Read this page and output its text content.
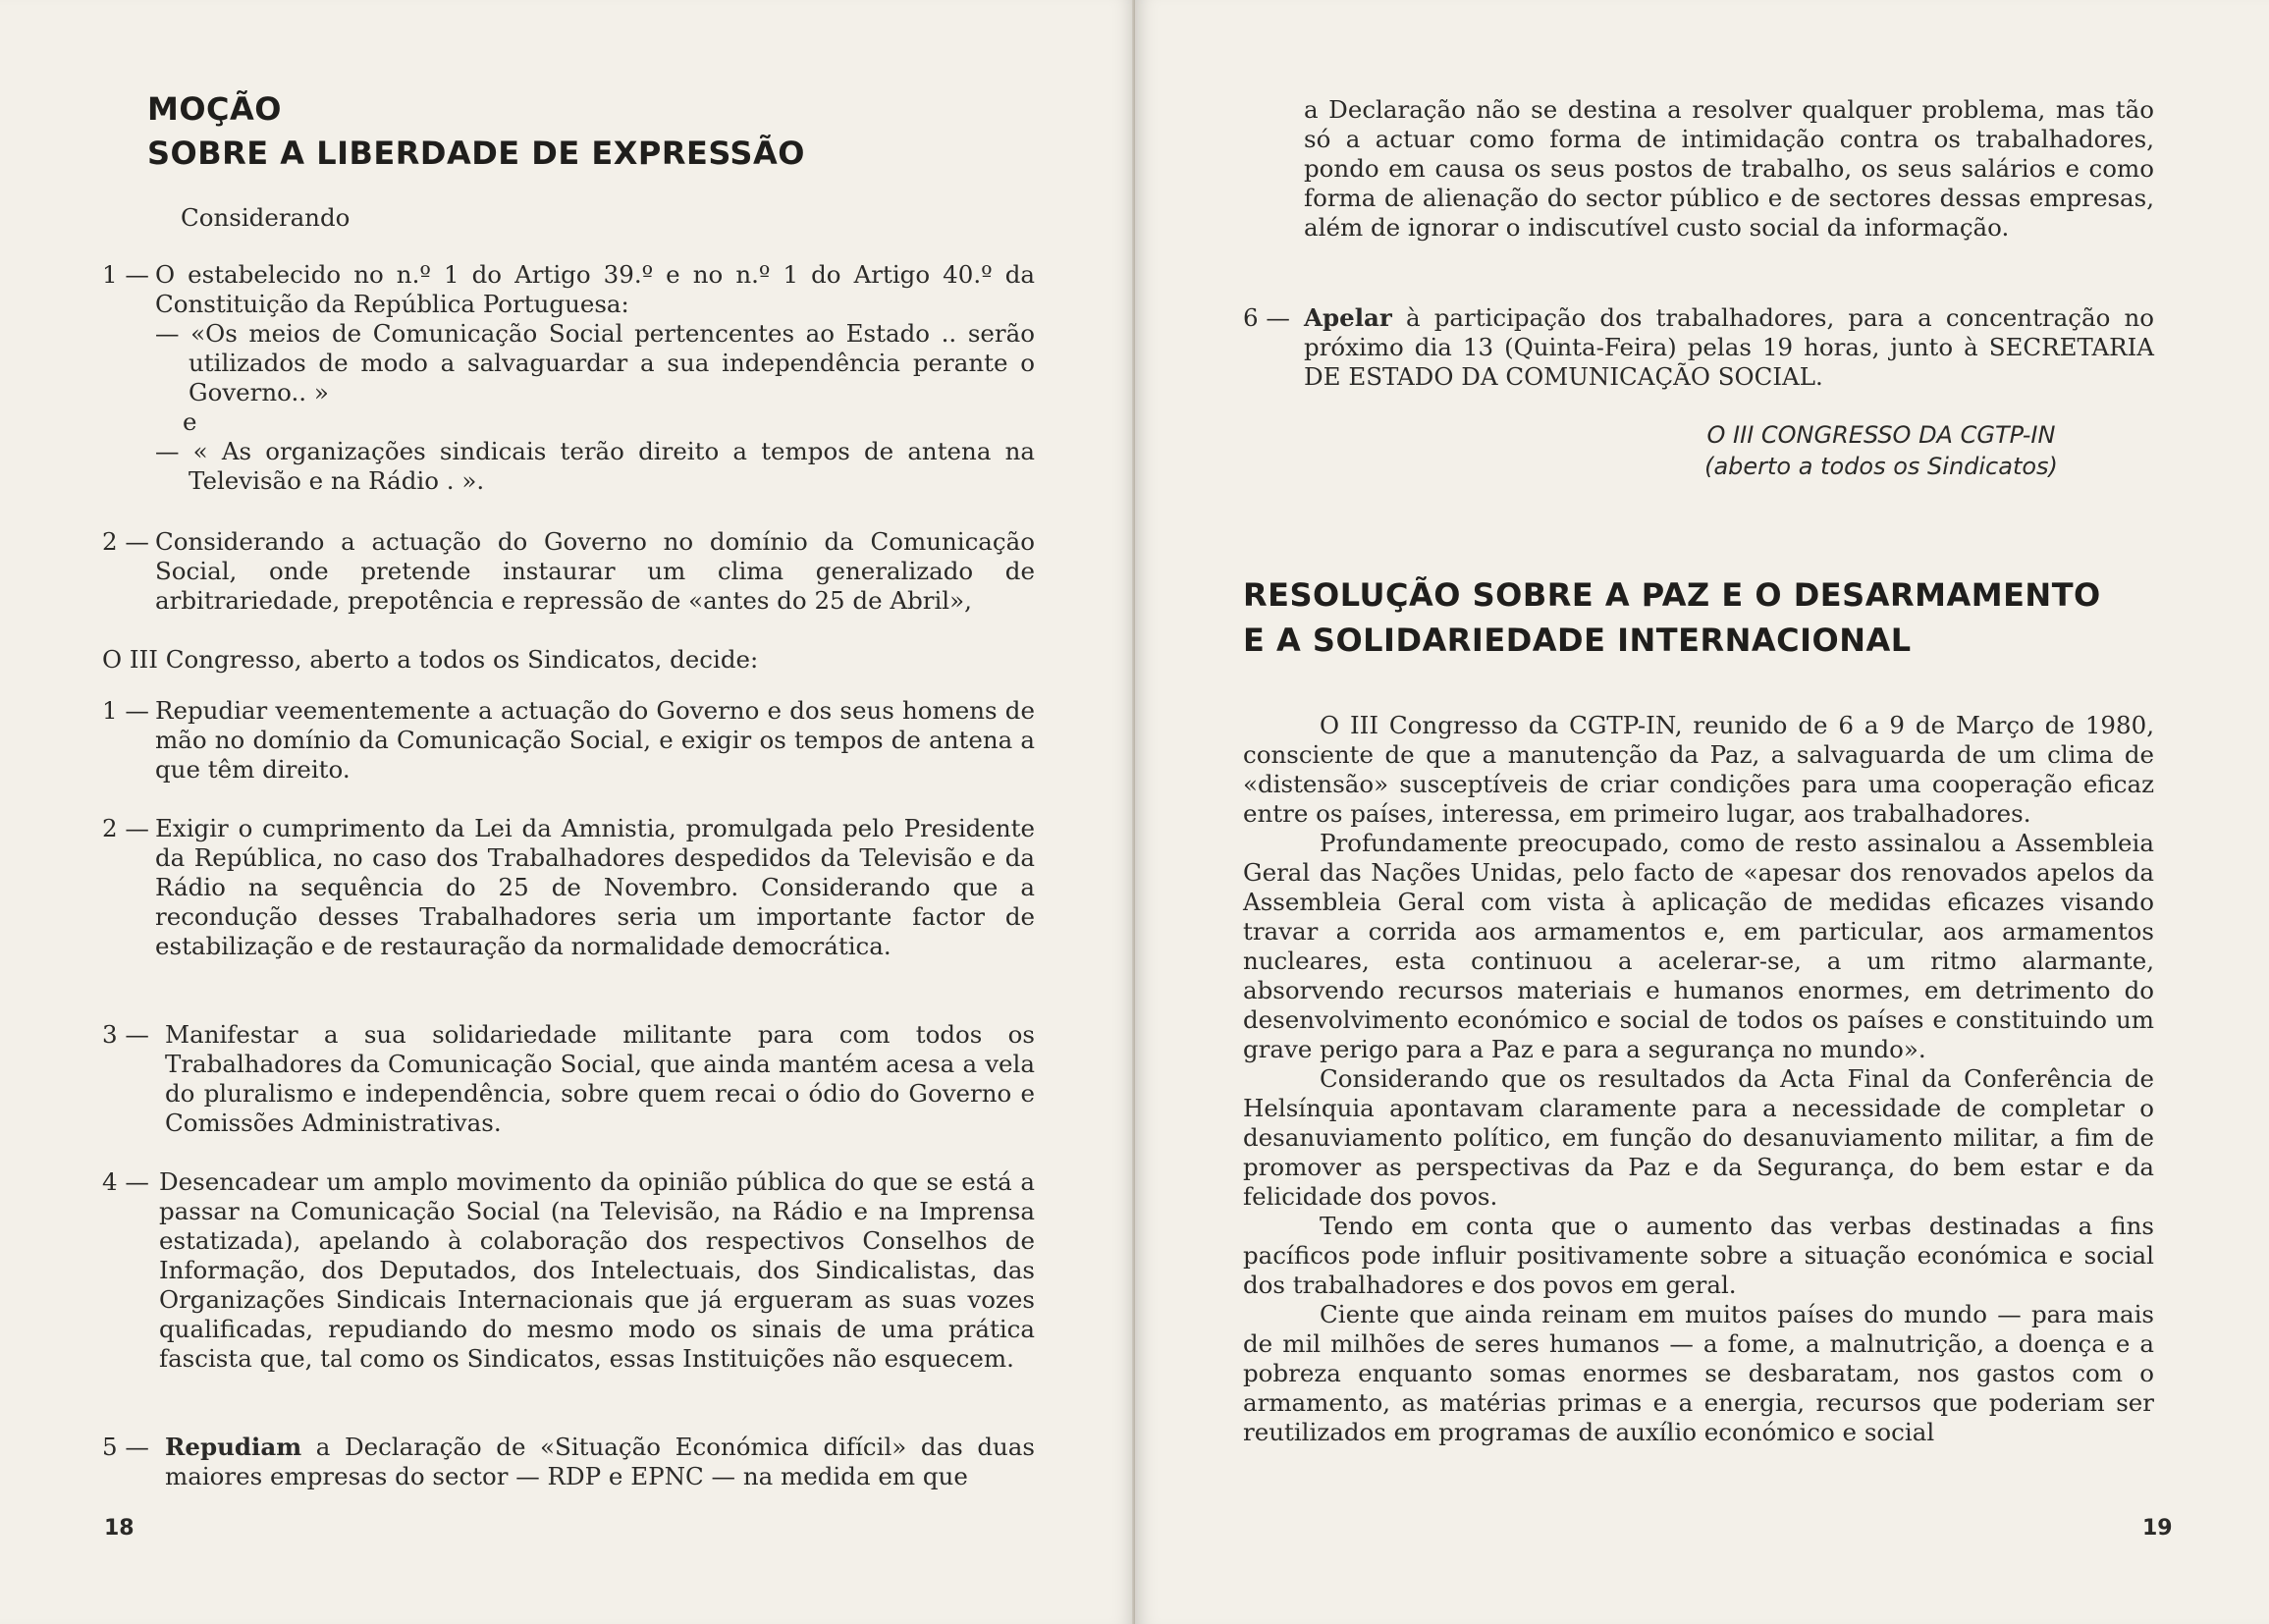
MOÇÃO
SOBRE A LIBERDADE DE EXPRESSÃO
Considerando
1 — O estabelecido no n.º 1 do Artigo 39.º e no n.º 1 do Artigo 40.º da Constituição da República Portuguesa:
— «Os meios de Comunicação Social pertencentes ao Estado .. serão utilizados de modo a salvaguardar a sua independência perante o Governo.. »
e
— « As organizações sindicais terão direito a tempos de antena na Televisão e na Rádio . ».
2 — Considerando a actuação do Governo no domínio da Comunicação Social, onde pretende instaurar um clima generalizado de arbitrariedade, prepotência e repressão de «antes do 25 de Abril»,
O III Congresso, aberto a todos os Sindicatos, decide:
1 — Repudiar veementemente a actuação do Governo e dos seus homens de mão no domínio da Comunicação Social, e exigir os tempos de antena a que têm direito.
2 — Exigir o cumprimento da Lei da Amnistia, promulgada pelo Presidente da República, no caso dos Trabalhadores despedidos da Televisão e da Rádio na sequência do 25 de Novembro. Considerando que a recondução desses Trabalhadores seria um importante factor de estabilização e de restauração da normalidade democrática.
3 — Manifestar a sua solidariedade militante para com todos os Trabalhadores da Comunicação Social, que ainda mantém acesa a vela do pluralismo e independência, sobre quem recai o ódio do Governo e Comissões Administrativas.
4 — Desencadear um amplo movimento da opinião pública do que se está a passar na Comunicação Social (na Televisão, na Rádio e na Imprensa estatizada), apelando à colaboração dos respectivos Conselhos de Informação, dos Deputados, dos Intelectuais, dos Sindicalistas, das Organizações Sindicais Internacionais que já ergueram as suas vozes qualificadas, repudiando do mesmo modo os sinais de uma prática fascista que, tal como os Sindicatos, essas Instituições não esquecem.
5 — Repudiam a Declaração de «Situação Económica difícil» das duas maiores empresas do sector — RDP e EPNC — na medida em que
18
a Declaração não se destina a resolver qualquer problema, mas tão só a actuar como forma de intimidação contra os trabalhadores, pondo em causa os seus postos de trabalho, os seus salários e como forma de alienação do sector público e de sectores dessas empresas, além de ignorar o indiscutível custo social da informação.
6 — Apelar à participação dos trabalhadores, para a concentração no próximo dia 13 (Quinta-Feira) pelas 19 horas, junto à SECRETARIA DE ESTADO DA COMUNICAÇÃO SOCIAL.
O III CONGRESSO DA CGTP-IN
(aberto a todos os Sindicatos)
RESOLUÇÃO SOBRE A PAZ E O DESARMAMENTO
E A SOLIDARIEDADE INTERNACIONAL

O III Congresso da CGTP-IN, reunido de 6 a 9 de Março de 1980, consciente de que a manutenção da Paz, a salvaguarda de um clima de «distensão» susceptíveis de criar condições para uma cooperação eficaz entre os países, interessa, em primeiro lugar, aos trabalhadores.

Profundamente preocupado, como de resto assinalou a Assembleia Geral das Nações Unidas, pelo facto de «apesar dos renovados apelos da Assembleia Geral com vista à aplicação de medidas eficazes visando travar a corrida aos armamentos e, em particular, aos armamentos nucleares, esta continuou a acelerar-se, a um ritmo alarmante, absorvendo recursos materiais e humanos enormes, em detrimento do desenvolvimento económico e social de todos os países e constituindo um grave perigo para a Paz e para a segurança no mundo».

Considerando que os resultados da Acta Final da Conferência de Helsínquia apontavam claramente para a necessidade de completar o desanuviamento político, em função do desanuviamento militar, a fim de promover as perspectivas da Paz e da Segurança, do bem estar e da felicidade dos povos.

Tendo em conta que o aumento das verbas destinadas a fins pacíficos pode influir positivamente sobre a situação económica e social dos trabalhadores e dos povos em geral.

Ciente que ainda reinam em muitos países do mundo — para mais de mil milhões de seres humanos — a fome, a malnutrição, a doença e a pobreza enquanto somas enormes se desbaratam, nos gastos com o armamento, as matérias primas e a energia, recursos que poderiam ser reutilizados em programas de auxílio económico e social

19
